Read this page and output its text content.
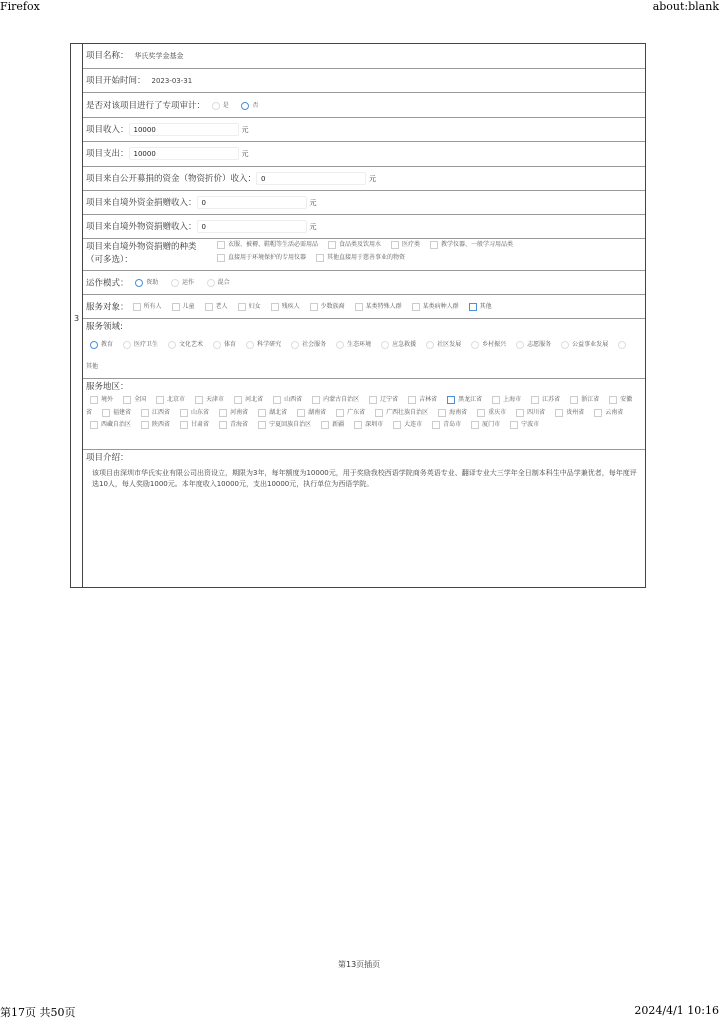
Firefox	about:blank
3
项目名称： 华氏奖学金基金
项目开始时间： 2023-03-31
是否对该项目进行了专项审计：	是	否
项目收入： 10000	元
项目支出： 10000	元
项目来自公开募捐的资金（物资折价）收入： 0	元
项目来自境外资金捐赠收入： 0	元
项目来自境外物资捐赠收入： 0	元
项目来自境外物资捐赠的种类
（可多选）：
衣服、被褥、鞋帽等生活必需用品	食品类及饮用水	医疗类	教学仪器、一般学习用品类
直接用于环境保护的专用仪器	其他直接用于慈善事业的物资
运作模式：	资助	运作	混合
服务对象：	所有人	儿童	老人	妇女	残疾人	少数族裔	某类特殊人群	某类病种人群	其他
服务领域:
教育	医疗卫生	文化艺术	体育	科学研究	社会服务	生态环境	应急救援	社区发展	乡村振兴	志愿服务	公益事业发展其他
服务地区：
境外	全国	北京市	天津市	河北省	山西省	内蒙古自治区	辽宁省	吉林省	黑龙江省	上海市	江苏省	浙江省	安徽省	福建省	江西省	山东省	河南省	湖北省	湖南省	广东省	广西壮族自治区	海南省	重庆市	四川省	贵州省	云南省西藏自治区	陕西省	甘肃省	青海省	宁夏回族自治区	新疆	深圳市	大连市	青岛市	厦门市	宁波市
项目介绍：
该项目由深圳市华氏实业有限公司出资设立，期限为3年，每年额度为10000元，用于奖励我校西语学院商务英语专业、翻译专业大三学年全日制本科生中品学兼优者，每年度评选10人，每人奖励1000元。本年度收入10000元，支出10000元，执行单位为西语学院。
第13页插页
第17页 共50页	2024/4/1 10:16
